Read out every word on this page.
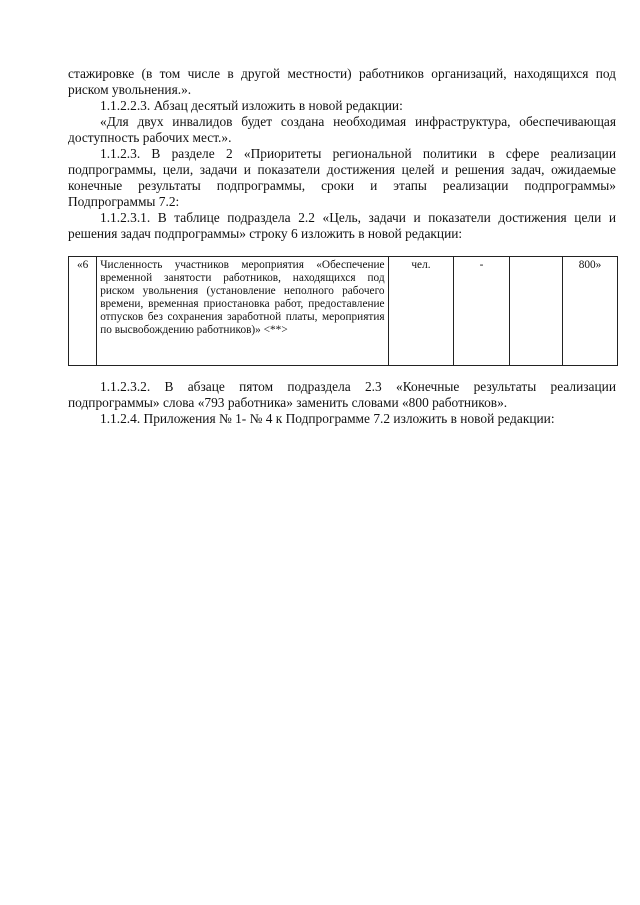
стажировке (в том числе в другой местности) работников организаций, находящихся под риском увольнения.».

1.1.2.2.3. Абзац десятый изложить в новой редакции:

«Для двух инвалидов будет создана необходимая инфраструктура, обеспечивающая доступность рабочих мест.».

1.1.2.3. В разделе 2 «Приоритеты региональной политики в сфере реализации подпрограммы, цели, задачи и показатели достижения целей и решения задач, ожидаемые конечные результаты подпрограммы, сроки и этапы реализации подпрограммы» Подпрограммы 7.2:

1.1.2.3.1. В таблице подраздела 2.2 «Цель, задачи и показатели достижения цели и решения задач подпрограммы» строку 6 изложить в новой редакции:

«6	Численность участников мероприятия «Обеспечение временной занятости работников, находящихся под риском увольнения (установление неполного рабочего времени, временная приостановка работ, предоставление отпусков без сохранения заработной платы, мероприятия по высвобождению работников)» <**>	чел.	-		800»

1.1.2.3.2. В абзаце пятом подраздела 2.3 «Конечные результаты реализации подпрограммы» слова «793 работника» заменить словами «800 работников».

1.1.2.4. Приложения № 1- № 4 к Подпрограмме 7.2 изложить в новой редакции:
